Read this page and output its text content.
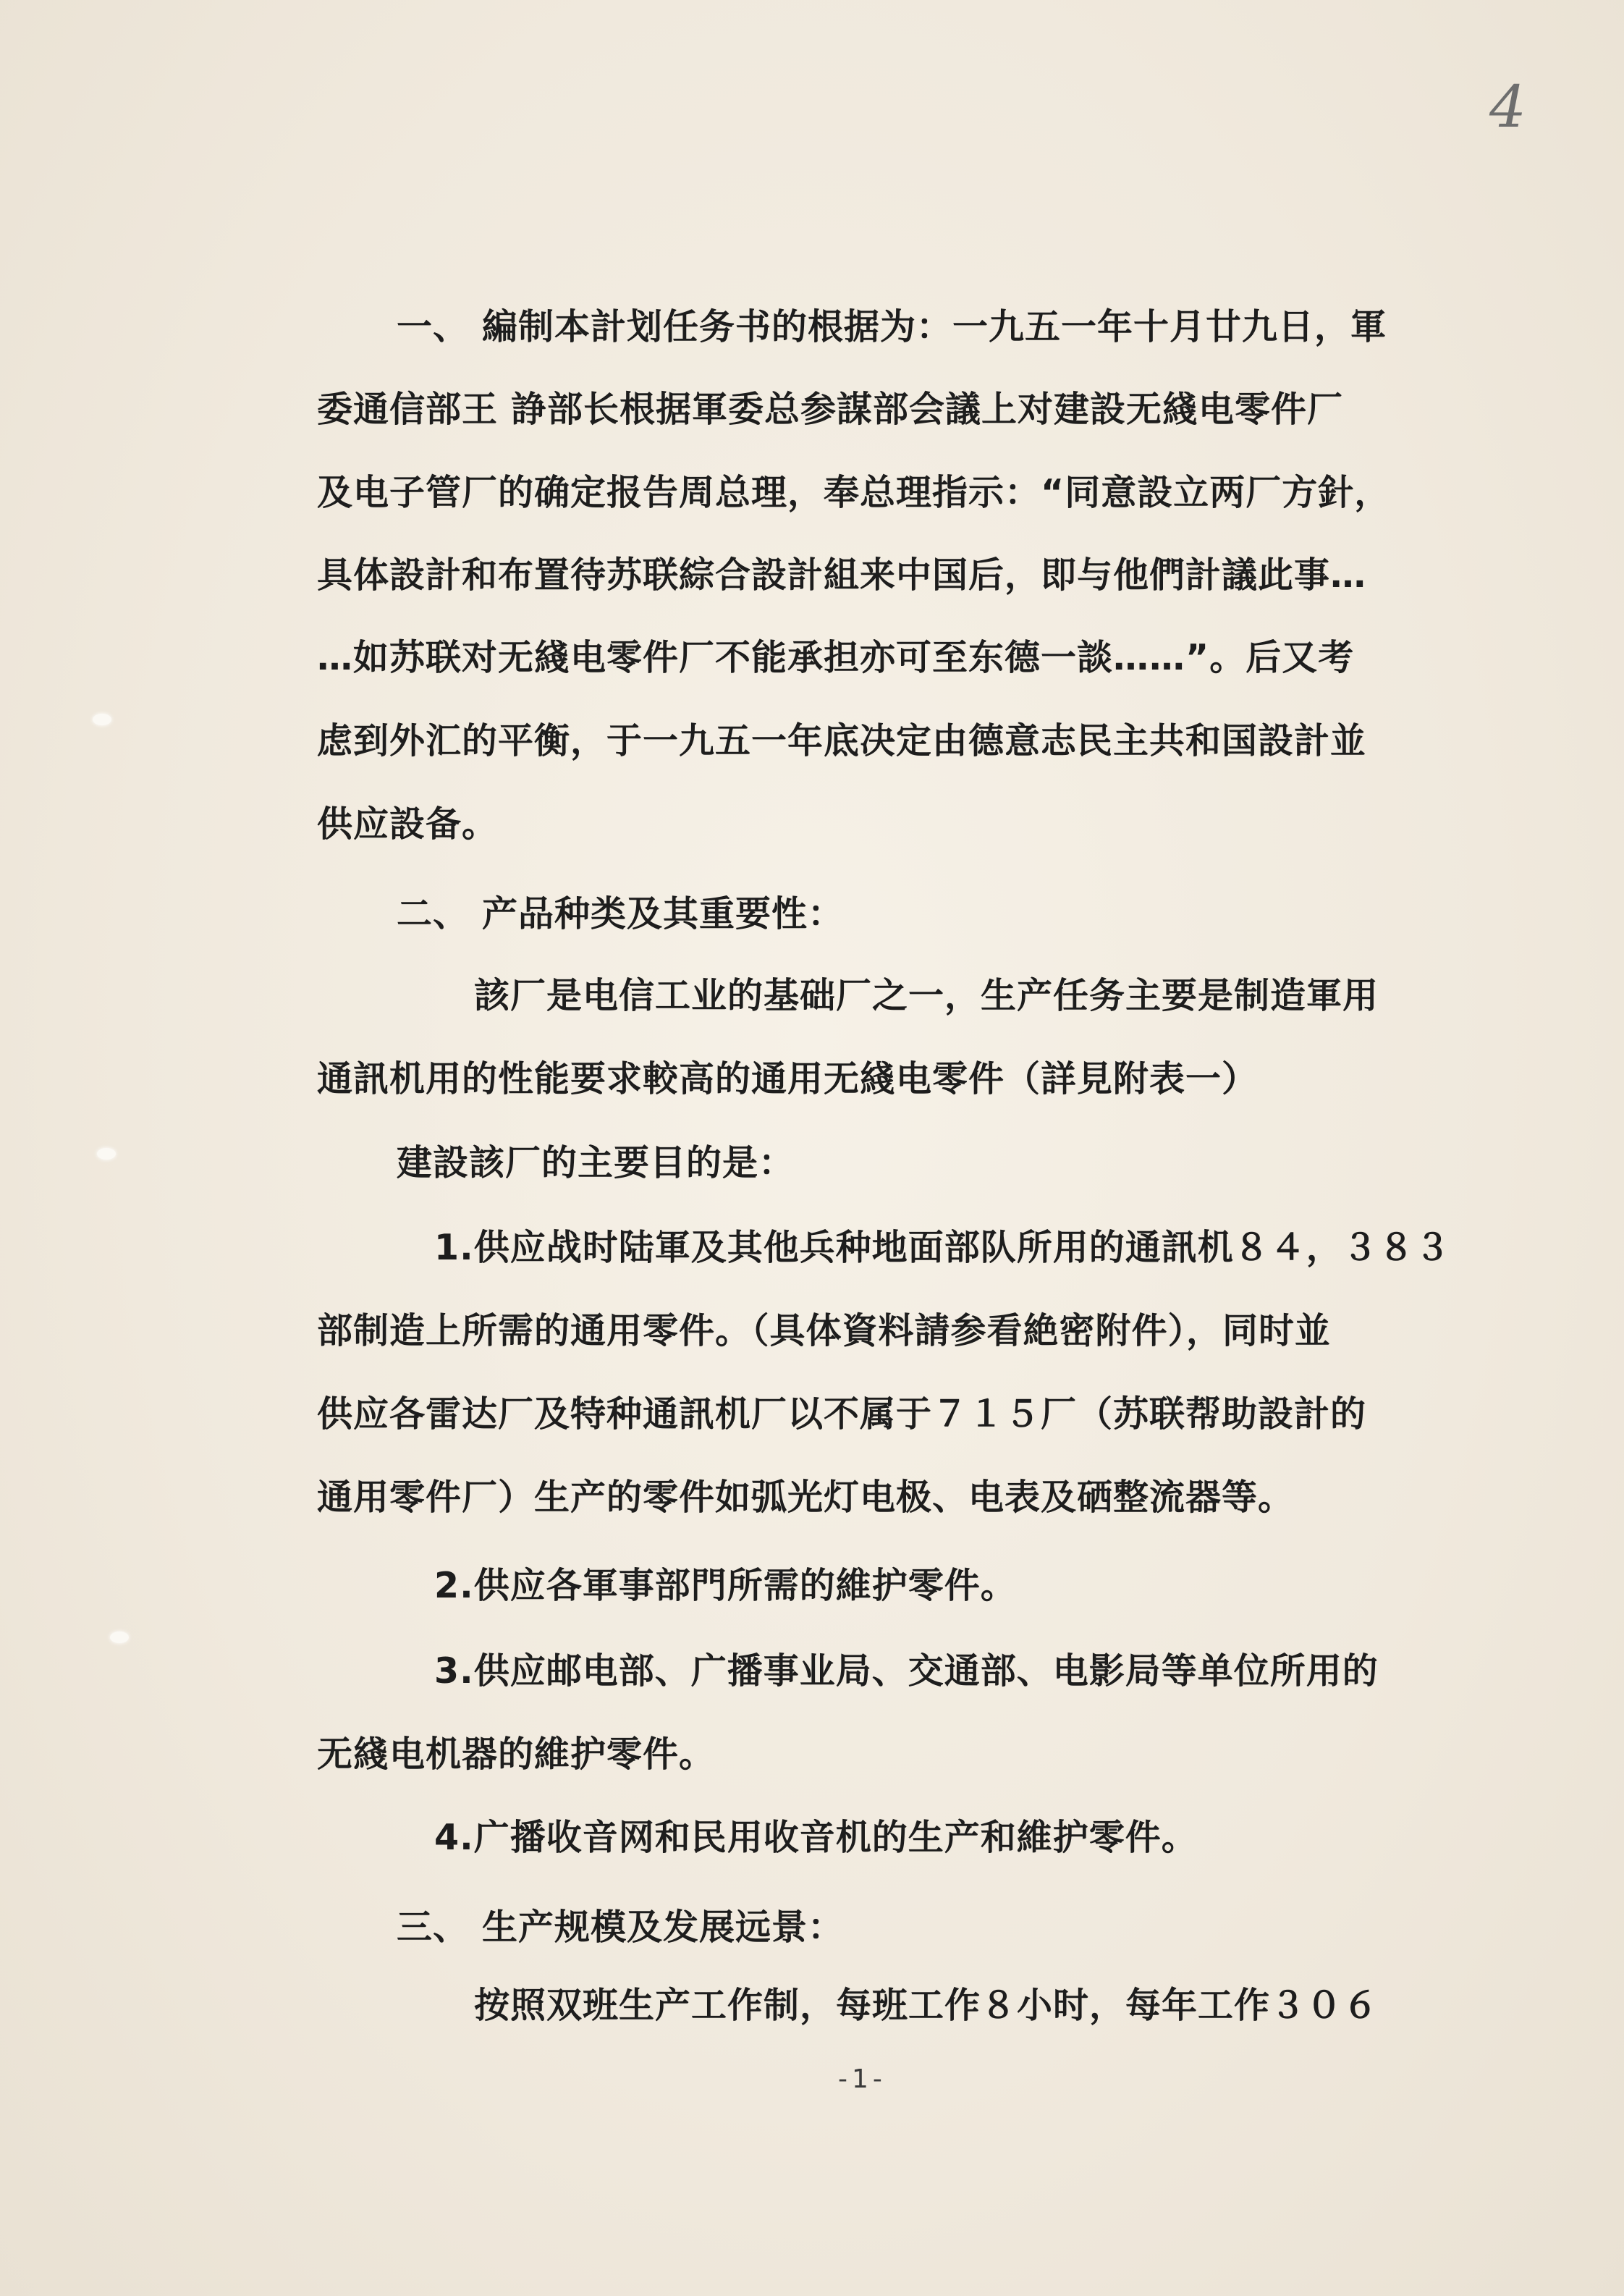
4
一、 編制本計划任务书的根据为：一九五一年十月廿九日，軍
委通信部王 諍部长根据軍委总参謀部会議上对建設无綫电零件厂
及电子管厂的确定报告周总理，奉总理指示：“同意設立两厂方針，
具体設計和布置待苏联綜合設計組来中国后，即与他們計議此事…
…如苏联对无綫电零件厂不能承担亦可至东德一談……”。后又考
虑到外汇的平衡，于一九五一年底决定由德意志民主共和国設計並
供应設备。
二、 产品种类及其重要性：
該厂是电信工业的基础厂之一，生产任务主要是制造軍用
通訊机用的性能要求較高的通用无綫电零件（詳見附表一）
建設該厂的主要目的是：
1.供应战时陆軍及其他兵种地面部队所用的通訊机８４，３８３
部制造上所需的通用零件。（具体資料請参看絶密附件），同时並
供应各雷达厂及特种通訊机厂以不属于７１５厂（苏联帮助設計的
通用零件厂）生产的零件如弧光灯电极、电表及硒整流器等。
2.供应各軍事部門所需的維护零件。
3.供应邮电部、广播事业局、交通部、电影局等单位所用的
无綫电机器的維护零件。
4.广播收音网和民用收音机的生产和維护零件。
三、 生产规模及发展远景：
按照双班生产工作制，每班工作８小时，每年工作３０６
-1-
